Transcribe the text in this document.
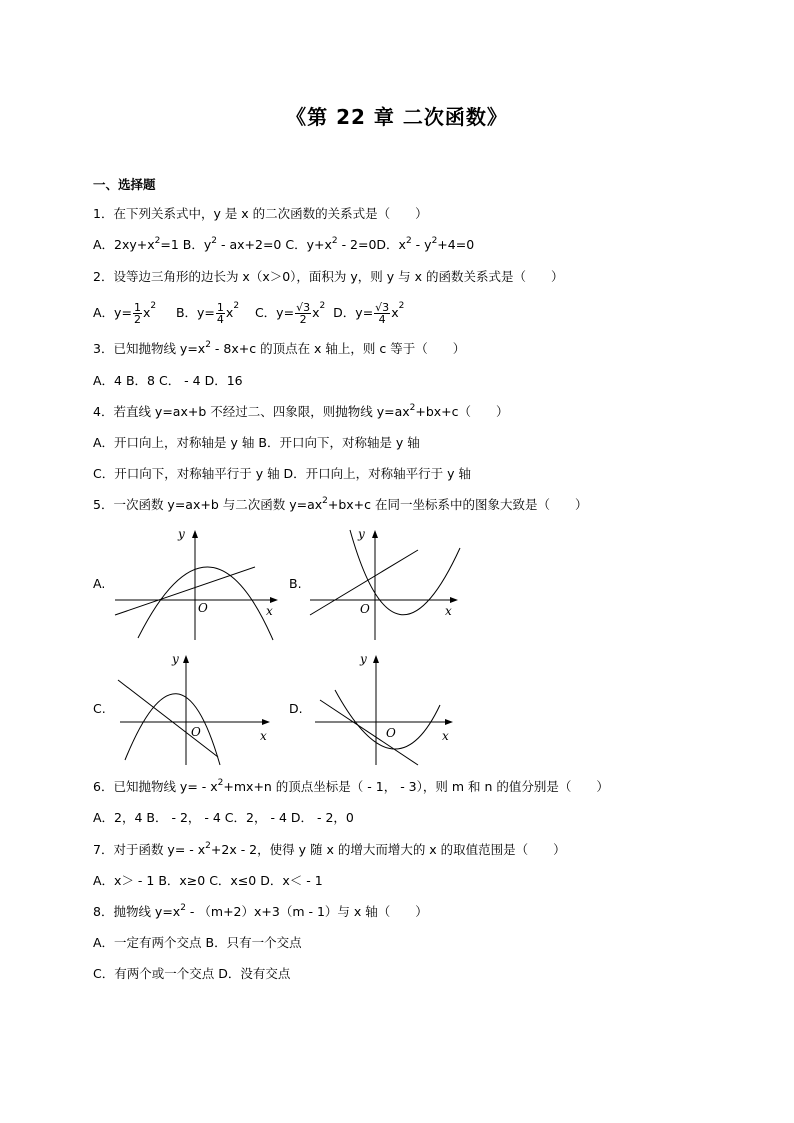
《第 22 章 二次函数》
一、选择题
1．在下列关系式中，y 是 x 的二次函数的关系式是（　　）
A．$2xy+x^2=1$ B．$y^2 - ax+2=0$ C．$y+x^2 - 2=0D$．$x^2 - y^2+4=0$
2．设等边三角形的边长为 x（x＞0），面积为 y，则 y 与 x 的函数关系式是（　　）
A．$y= \frac{1}{2} x^2$ B．$y= \frac{1}{4} x^2$ C．$y= \frac{√3}{2} x^2$ D．$y= \frac{√3}{4} x^2$
3．已知抛物线 $y=x^2 - 8x+c$ 的顶点在 x 轴上，则 c 等于（　　）
A．4 B．8 C． - 4 D．16
4．若直线 y=ax+b 不经过二、四象限，则抛物线 $y=ax^2+bx+c$（　　）
A．开口向上，对称轴是 y 轴 B．开口向下，对称轴是 y 轴
C．开口向下，对称轴平行于 y 轴 D．开口向上，对称轴平行于 y 轴
5．一次函数 y=ax+b 与二次函数 $y=ax^2+bx+c$ 在同一坐标系中的图象大致是（　　）
A.
y
x
O
B.
y
x
O
C.
y
x
O
D.
y
x
O
6．已知抛物线 $y= - x^2+mx+n$ 的顶点坐标是（ - 1， - 3），则 m 和 n 的值分别是（　　）
A．2，4 B． - 2， - 4 C．2， - 4 D． - 2，0
7．对于函数 $y= - x^2+2x - 2$，使得 y 随 x 的增大而增大的 x 的取值范围是（　　）
A．x＞ - 1 B．x≥0 C．x≤0 D．x＜ - 1
8．抛物线 $y=x^2 - (m+2)x+3(m - 1)$与 x 轴（　　）
A．一定有两个交点 B．只有一个交点
C．有两个或一个交点 D．没有交点
